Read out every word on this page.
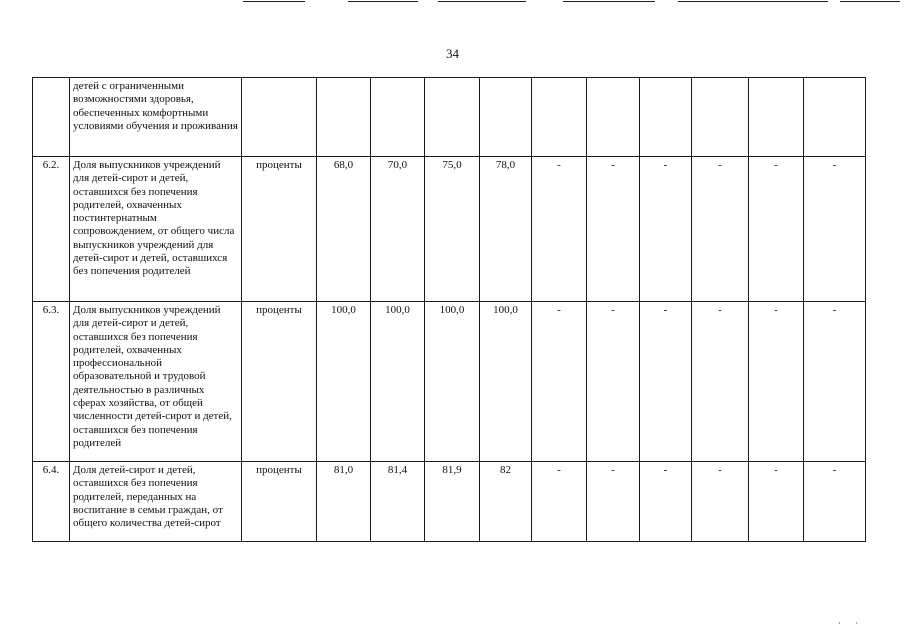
34
	детей с ограниченными возможностями здоровья, обеспеченных комфортными условиями обучения и проживания											
6.2.	Доля выпускников учреждений для детей-сирот и детей, оставшихся без попечения родителей, охваченных постинтернатным сопровождением, от общего числа выпускников учреждений для детей-сирот и детей, оставшихся без попечения родителей	проценты	68,0	70,0	75,0	78,0	-	-	-	-	-	-
6.3.	Доля выпускников учреждений для детей-сирот и детей, оставшихся без попечения родителей, охваченных профессиональной образовательной и трудовой деятельностью в различных сферах хозяйства, от общей численности детей-сирот и детей, оставшихся без попечения родителей	проценты	100,0	100,0	100,0	100,0	-	-	-	-	-	-
6.4.	Доля детей-сирот и детей, оставшихся без попечения родителей, переданных на воспитание в семьи граждан, от общего количества детей-сирот	проценты	81,0	81,4	81,9	82	-	-	-	-	-	-
· ·
